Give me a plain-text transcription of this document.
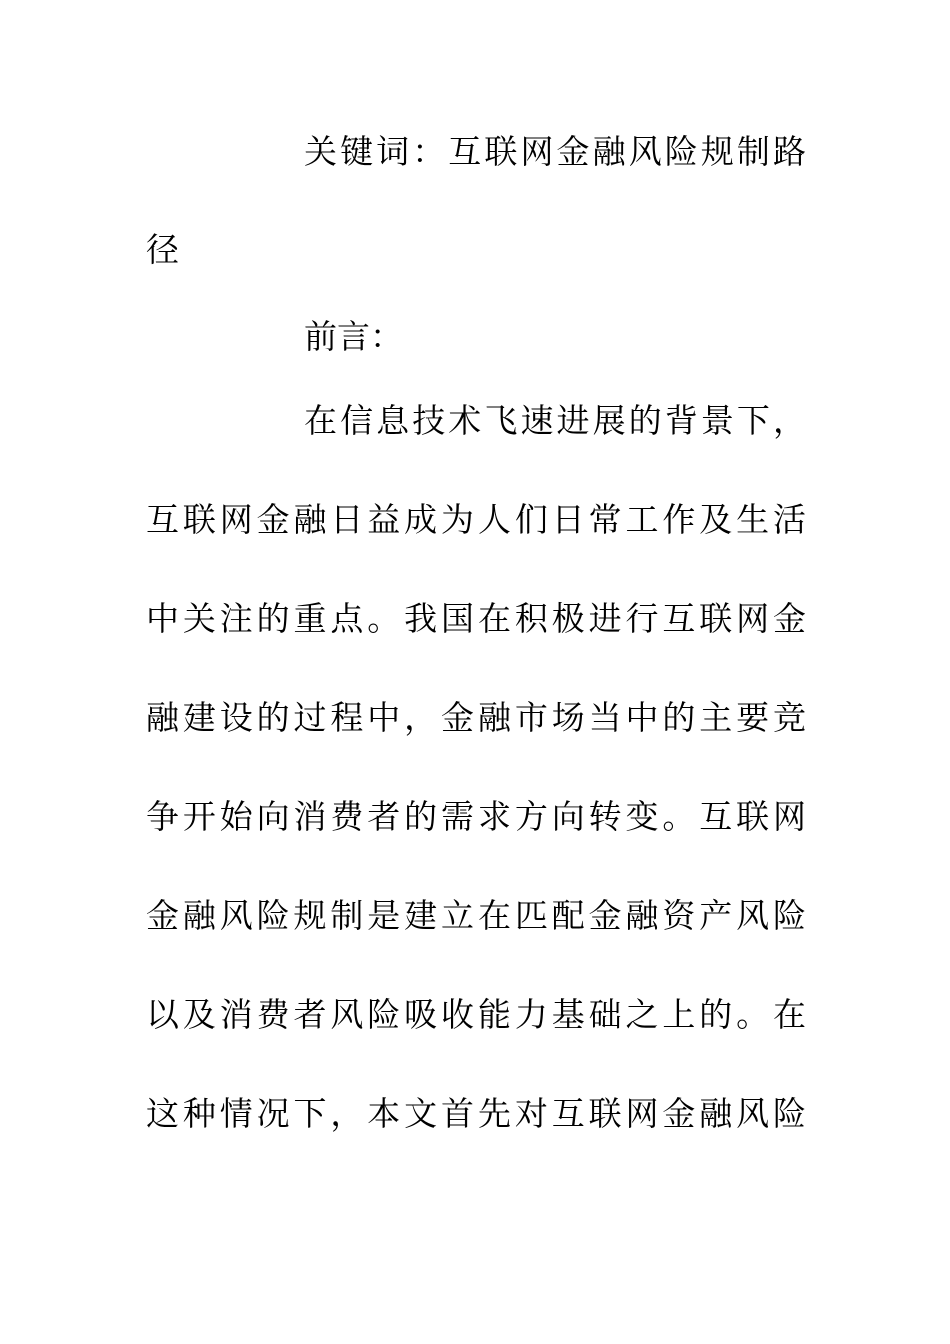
关键词：互联网金融风险规制路
径
前言：
在信息技术飞速进展的背景下，
互联网金融日益成为人们日常工作及生活
中关注的重点。我国在积极进行互联网金
融建设的过程中，金融市场当中的主要竞
争开始向消费者的需求方向转变。互联网
金融风险规制是建立在匹配金融资产风险
以及消费者风险吸收能力基础之上的。在
这种情况下，本文首先对互联网金融风险
